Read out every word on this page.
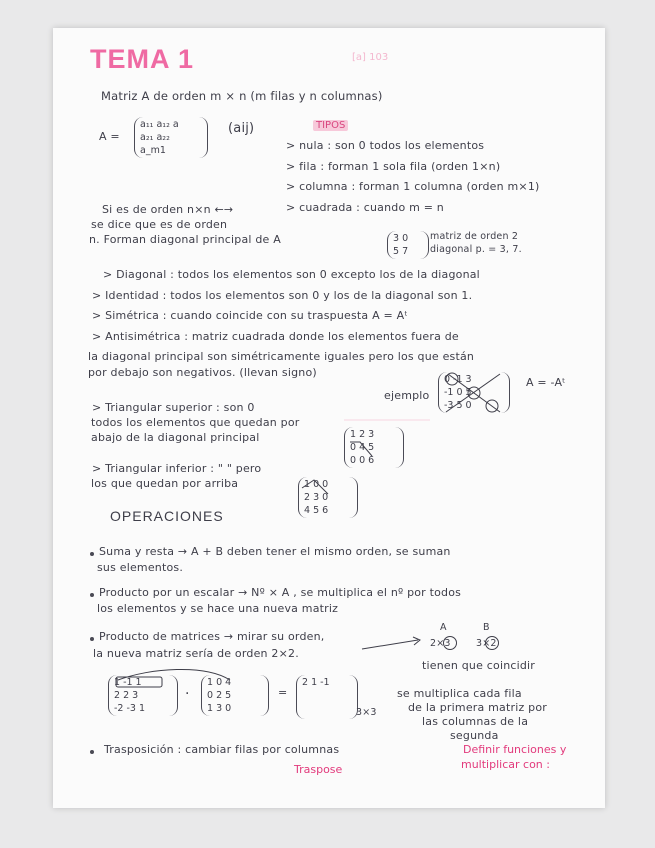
[a] 103
TEMA 1
Matriz A de orden m × n (m filas y n columnas)
A =
a₁₁ a₁₂ a
a₂₁ a₂₂
a_m1
(aij)	TIPOS
> nula : son 0 todos los elementos
> fila : forman 1 sola fila (orden 1×n)
> columna : forman 1 columna (orden m×1)
> cuadrada : cuando m = n
Si es de orden n×n ←→
se dice que es de orden
n. Forman diagonal principal de A	3 0
5 7
matriz de orden 2
diagonal p. = 3, 7.
> Diagonal : todos los elementos son 0 excepto los de la diagonal
> Identidad : todos los elementos son 0 y los de la diagonal son 1.
> Simétrica : cuando coincide con su traspuesta A = Aᵗ
> Antisimétrica : matriz cuadrada donde los elementos fuera de
la diagonal principal son simétricamente iguales pero los que están
por debajo son negativos. (llevan signo)
ejemplo
0 -1 3
-1 0 5
-3 5 0
A = -Aᵗ
> Triangular superior : son 0
todos los elementos que quedan por
abajo de la diagonal principal	1 2 3
0 4 5
0 0 6
> Triangular inferior : " " pero
los que quedan por arriba	1 0 0
2 3 0
4 5 6
OPERACIONES
Suma y resta → A + B deben tener el mismo orden, se suman
sus elementos.
Producto por un escalar → Nº × A , se multiplica el nº por todos
los elementos y se hace una nueva matriz
A	B
Producto de matrices → mirar su orden,
la nueva matriz sería de orden 2×2.
2×3	3×2
tienen que coincidir
1 -1 1
2 2 3
-2 -3 1
·
1 0 4
0 2 5
1 3 0
=
2 1 -1
3×3
se multiplica cada fila
de la primera matriz por
las columnas de la
segunda
Trasposición : cambiar filas por columnas
Traspose
Definir funciones y
multiplicar con :
